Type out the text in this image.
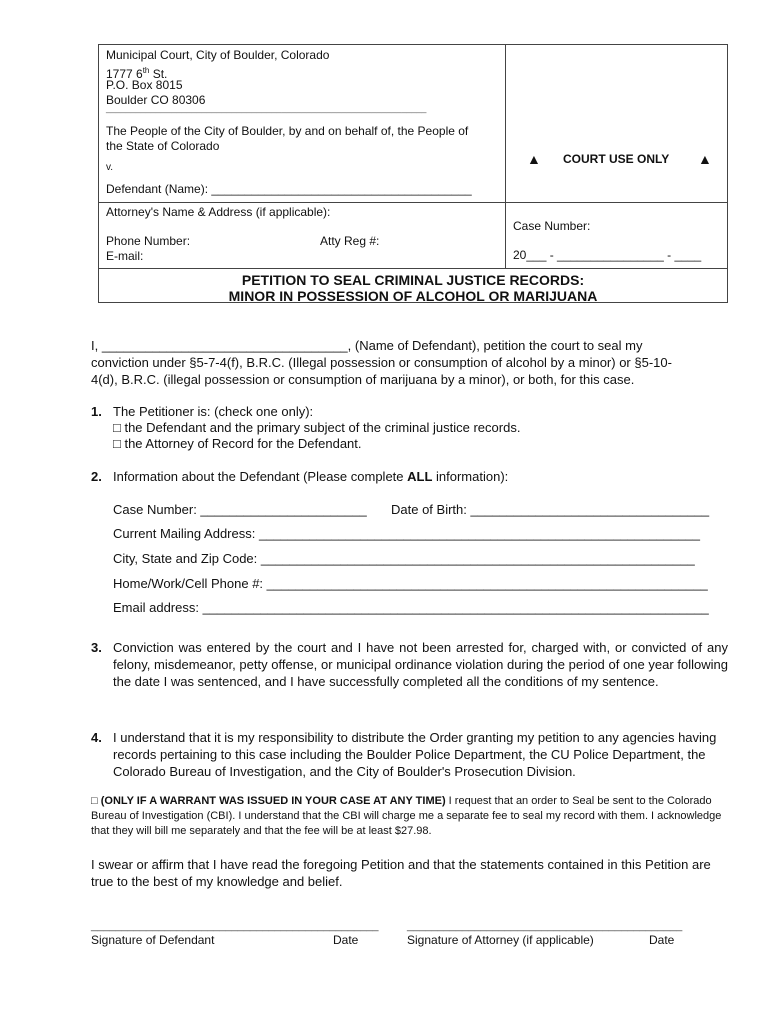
Municipal Court, City of Boulder, Colorado
1777 6th St.
P.O. Box 8015
Boulder CO 80306
________________________________________________________________
The People of the City of Boulder, by and on behalf of, the People of
the State of Colorado
v.
Defendant (Name): _______________________________________
▲ COURT USE ONLY ▲
Attorney's Name & Address (if applicable):
Phone Number:	Atty Reg #:
E-mail:
Case Number:
20___ - ________________ - ____
PETITION TO SEAL CRIMINAL JUSTICE RECORDS:
MINOR IN POSSESSION OF ALCOHOL OR MARIJUANA
I, __________________________________, (Name of Defendant), petition the court to seal my
conviction under §5-7-4(f), B.R.C. (Illegal possession or consumption of alcohol by a minor) or §5-10-
4(d), B.R.C. (illegal possession or consumption of marijuana by a minor), or both, for this case.
1. The Petitioner is: (check one only):
□ the Defendant and the primary subject of the criminal justice records.
□ the Attorney of Record for the Defendant.
2. Information about the Defendant (Please complete ALL information):
Case Number: _______________________ Date of Birth: _________________________________
Current Mailing Address: _____________________________________________________________
City, State and Zip Code: ____________________________________________________________
Home/Work/Cell Phone #: _____________________________________________________________
Email address: ______________________________________________________________________
3. Conviction was entered by the court and I have not been arrested for, charged with, or convicted of any felony, misdemeanor, petty offense, or municipal ordinance violation during the period of one year following the date I was sentenced, and I have successfully completed all the conditions of my sentence.
4. I understand that it is my responsibility to distribute the Order granting my petition to any agencies having records pertaining to this case including the Boulder Police Department, the CU Police Department, the Colorado Bureau of Investigation, and the City of Boulder's Prosecution Division.
□ (ONLY IF A WARRANT WAS ISSUED IN YOUR CASE AT ANY TIME) I request that an order to Seal be sent to the Colorado Bureau of Investigation (CBI). I understand that the CBI will charge me a separate fee to seal my record with them. I acknowledge that they will bill me separately and that the fee will be at least $27.98.
I swear or affirm that I have read the foregoing Petition and that the statements contained in this Petition are true to the best of my knowledge and belief.
_______________________________________________
Signature of Defendant	Date
_____________________________________________
Signature of Attorney (if applicable)	Date
